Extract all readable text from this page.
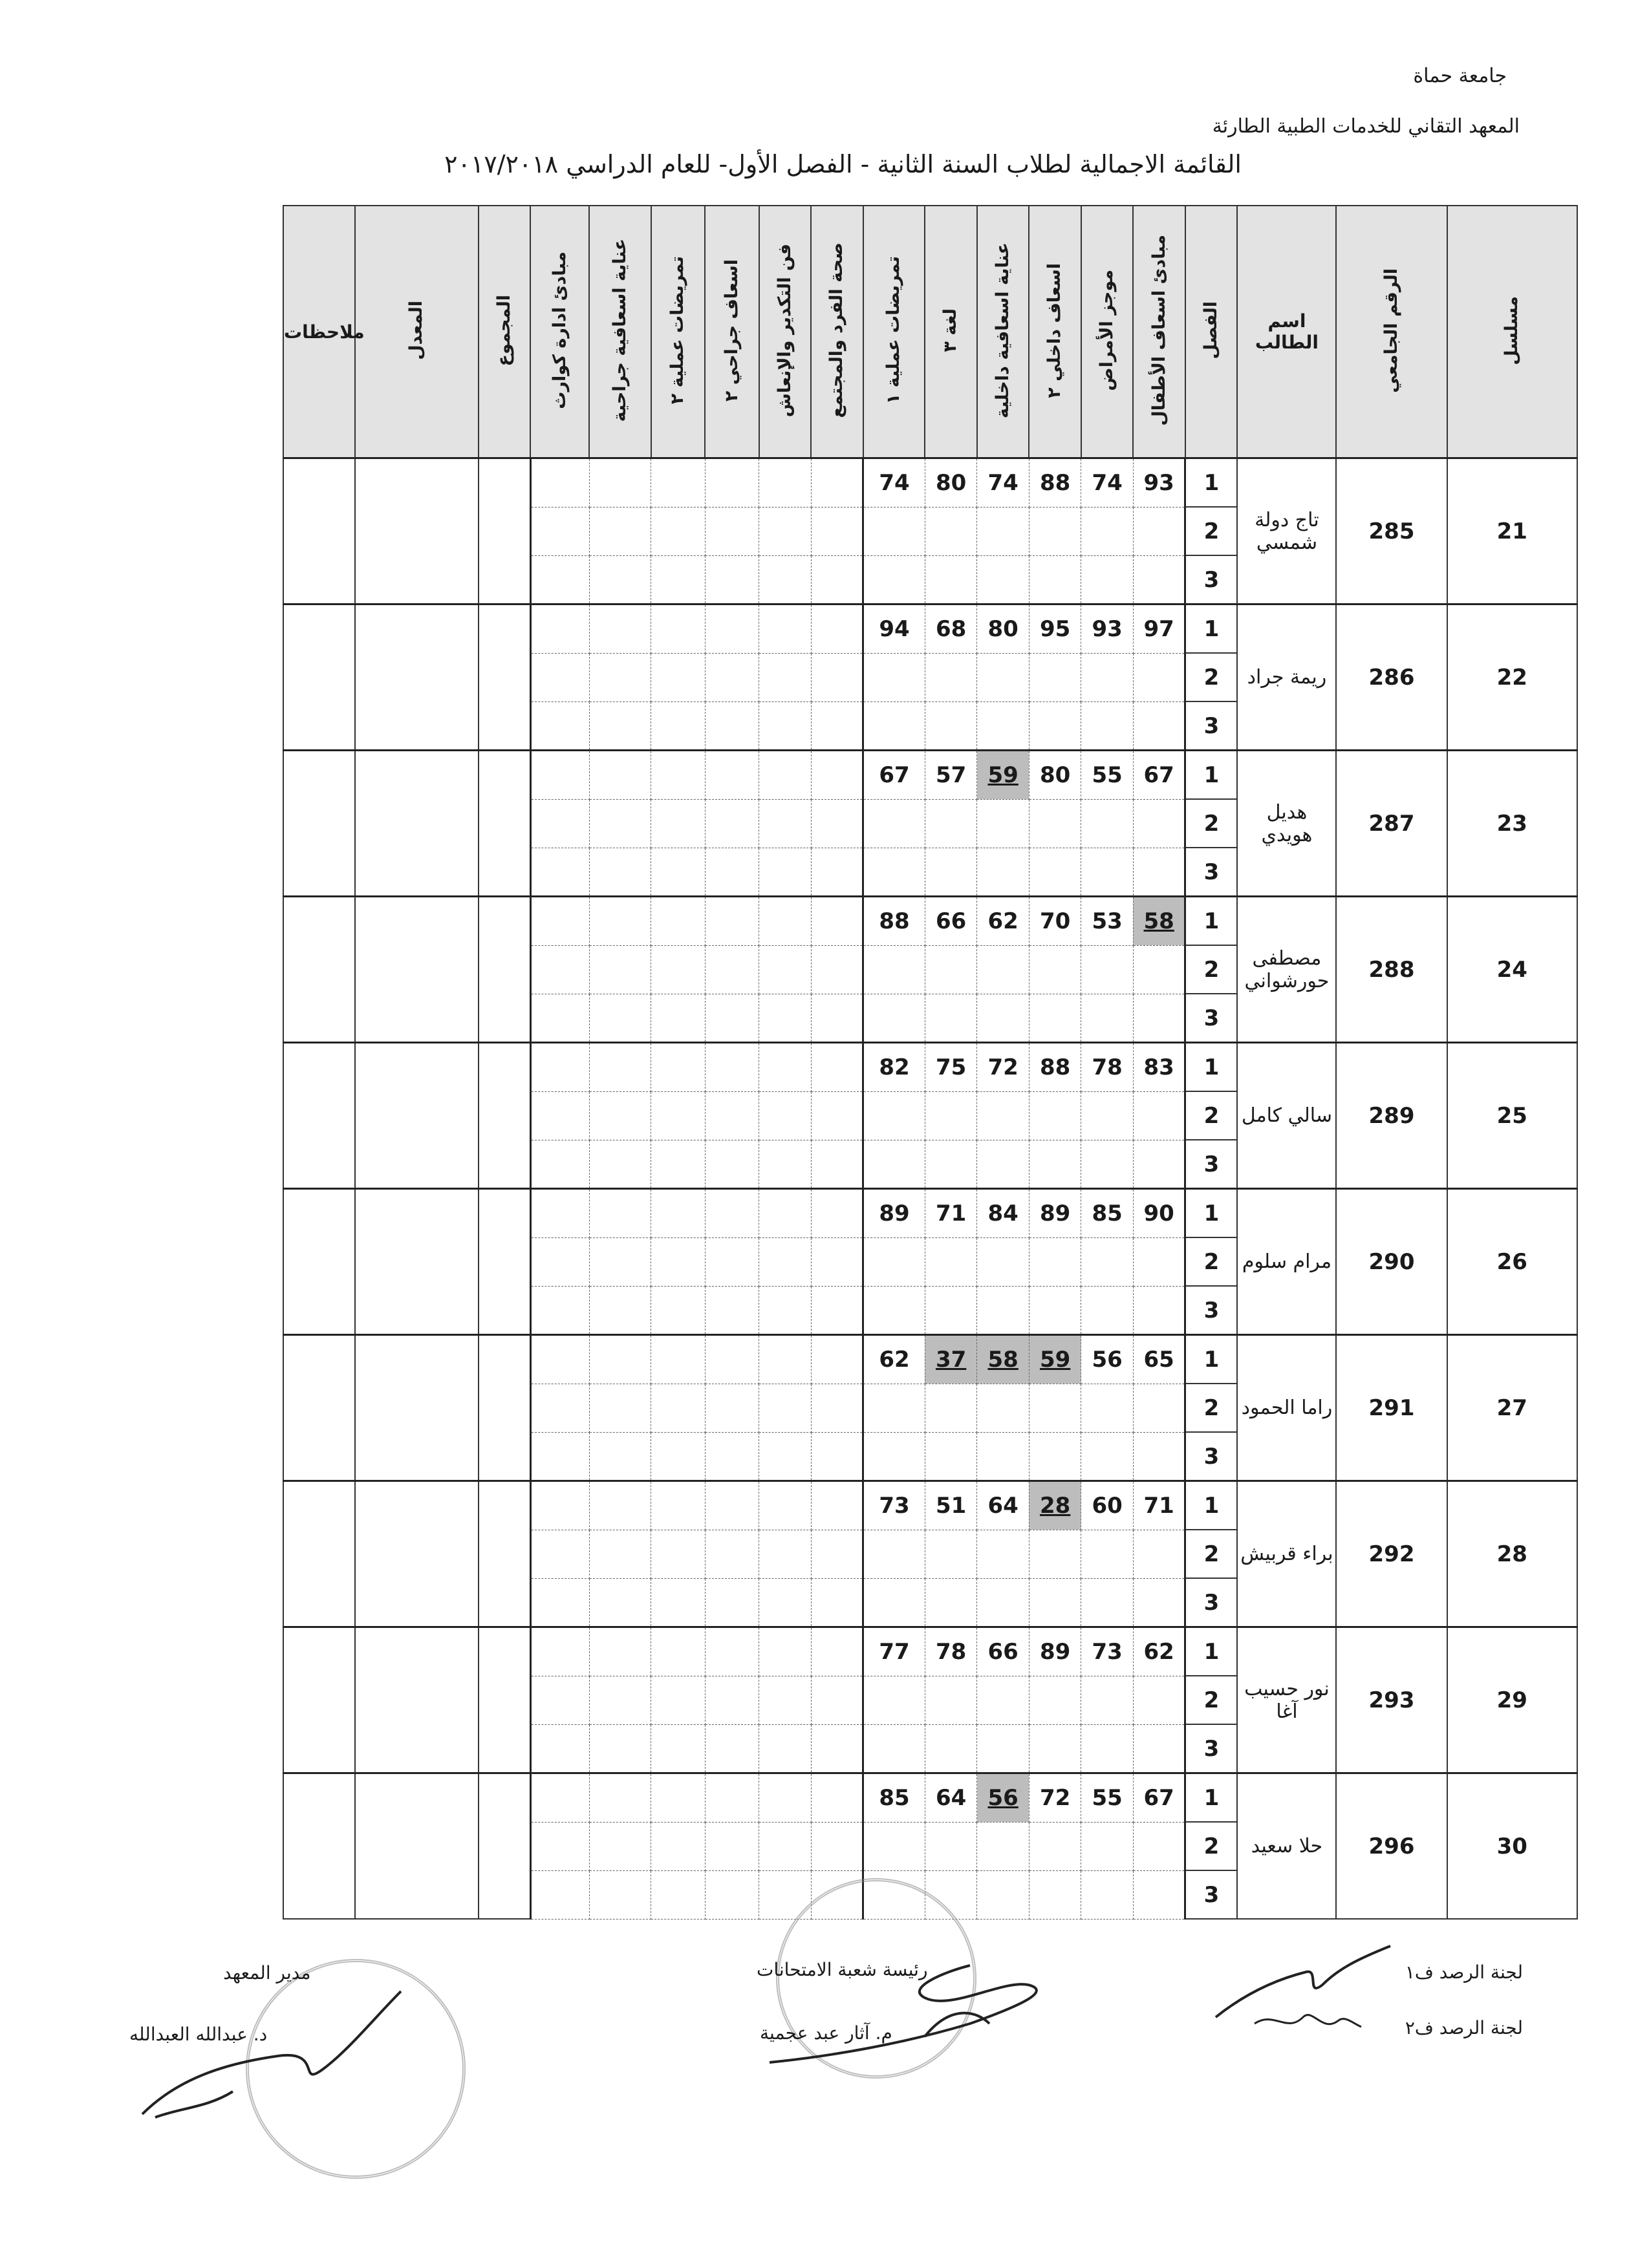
جامعة حماة
المعهد التقاني للخدمات الطبية الطارئة
القائمة الاجمالية لطلاب السنة الثانية - الفصل الأول- للعام الدراسي ٢٠١٧/٢٠١٨
ملاحظات	المعدل	المجموع	مبادئ ادارة كوارث	عناية اسعافية جراحية	تمريضات عملية ٢	اسعاف جراحي ٢	فن التكدير والإنعاش	صحة الفرد والمجتمع	تمريضات عملية ١	لغة ٣	عناية اسعافية داخلية	اسعاف داخلي ٢	موجز الأمراض	مبادئ اسعاف الأطفال	الفصل	اسم الطالب	الرقم الجامعي	مسلسل
									74	80	74	88	74	93	1	تاج دولة شمسي	285	21
															2			
															3			
									94	68	80	95	93	97	1	ريمة جراد	286	22
															2			
															3			
									67	57	59	80	55	67	1	هديل هويدي	287	23
															2			
															3			
									88	66	62	70	53	58	1	مصطفى حورشواني	288	24
															2			
															3			
									82	75	72	88	78	83	1	سالي كامل	289	25
															2			
															3			
									89	71	84	89	85	90	1	مرام سلوم	290	26
															2			
															3			
									62	37	58	59	56	65	1	راما الحمود	291	27
															2			
															3			
									73	51	64	28	60	71	1	براء قربيش	292	28
															2			
															3			
									77	78	66	89	73	62	1	نور حسيب آغا	293	29
															2			
															3			
									85	64	56	72	55	67	1	حلا سعيد	296	30
															2			
															3			
لجنة الرصد ف١
لجنة الرصد ف٢
رئيسة شعبة الامتحانات
م. آثار عبد عجمية
مدير المعهد
د. عبدالله العبدالله
